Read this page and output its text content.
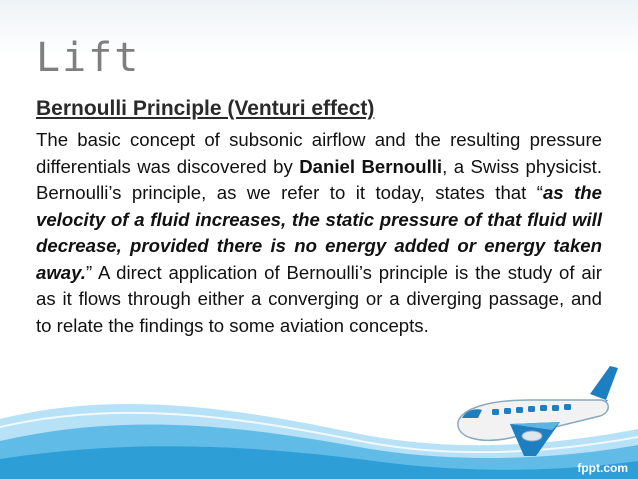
Lift
Bernoulli Principle (Venturi effect)
The basic concept of subsonic airflow and the resulting pressure differentials was discovered by Daniel Bernoulli, a Swiss physicist. Bernoulli’s principle, as we refer to it today, states that “as the velocity of a fluid increases, the static pressure of that fluid will decrease, provided there is no energy added or energy taken away.” A direct application of Bernoulli’s principle is the study of air as it flows through either a converging or a diverging passage, and to relate the findings to some aviation concepts.
fppt.com
